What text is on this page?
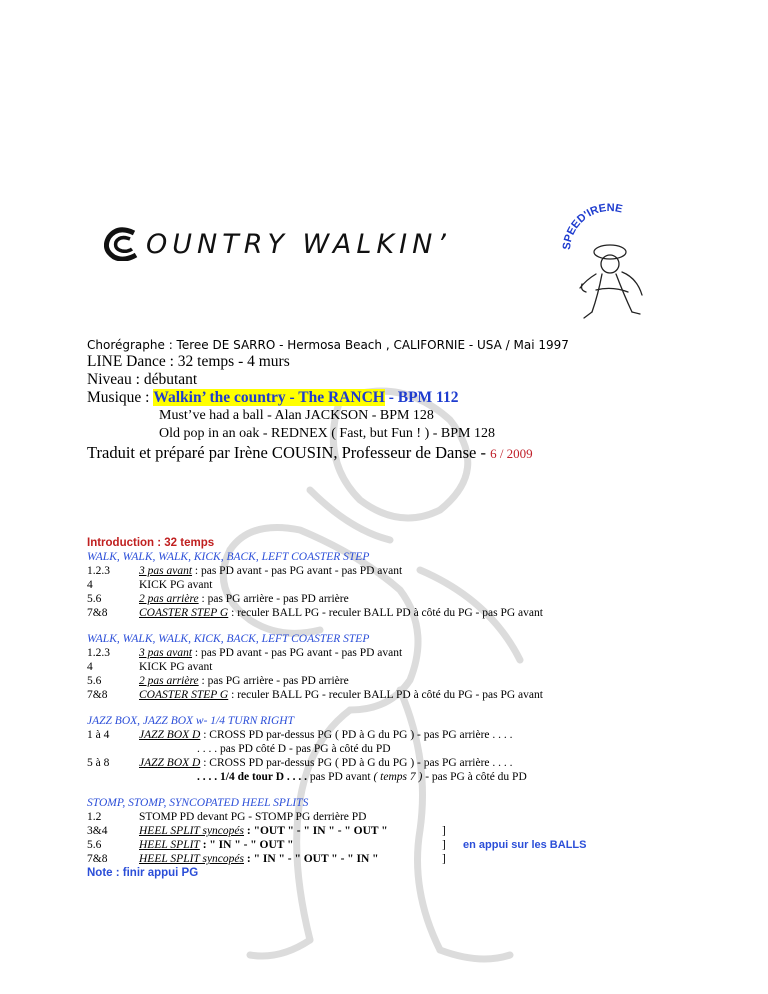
OUNTRY WALKIN’	SPEED'IRENE
Chorégraphe : Teree DE SARRO - Hermosa Beach , CALIFORNIE - USA / Mai 1997
LINE Dance : 32 temps - 4 murs
Niveau : débutant
Musique : Walkin’ the country - The RANCH - BPM 112
Must’ve had a ball - Alan JACKSON - BPM 128
Old pop in an oak - REDNEX ( Fast, but Fun ! ) - BPM 128
Traduit et préparé par Irène COUSIN, Professeur de Danse - 6 / 2009
Introduction : 32 temps
WALK, WALK, WALK, KICK, BACK, LEFT COASTER STEP
1.2.3	3 pas avant : pas PD avant - pas PG avant - pas PD avant
4	KICK PG avant
5.6	2 pas arrière : pas PG arrière - pas PD arrière
7&8	COASTER STEP G : reculer BALL PG - reculer BALL PD à côté du PG - pas PG avant
WALK, WALK, WALK, KICK, BACK, LEFT COASTER STEP
1.2.3	3 pas avant : pas PD avant - pas PG avant - pas PD avant
4	KICK PG avant
5.6	2 pas arrière : pas PG arrière - pas PD arrière
7&8	COASTER STEP G : reculer BALL PG - reculer BALL PD à côté du PG - pas PG avant
JAZZ BOX, JAZZ BOX w- 1/4 TURN RIGHT
1 à 4	JAZZ BOX D : CROSS PD par-dessus PG ( PD à G du PG ) - pas PG arrière . . . .
. . . . pas PD côté D - pas PG à côté du PD
5 à 8	JAZZ BOX D : CROSS PD par-dessus PG ( PD à G du PG ) - pas PG arrière . . . .
. . . . 1/4 de tour D . . . . pas PD avant ( temps 7 ) - pas PG à côté du PD
STOMP, STOMP, SYNCOPATED HEEL SPLITS
1.2	STOMP PD devant PG - STOMP PG derrière PD
3&4	HEEL SPLIT syncopés : "OUT " - " IN " - " OUT "	]
5.6	HEEL SPLIT : " IN " - " OUT "	] en appui sur les BALLS
7&8	HEEL SPLIT syncopés : " IN " - " OUT " - " IN "	]
Note : finir appui PG
